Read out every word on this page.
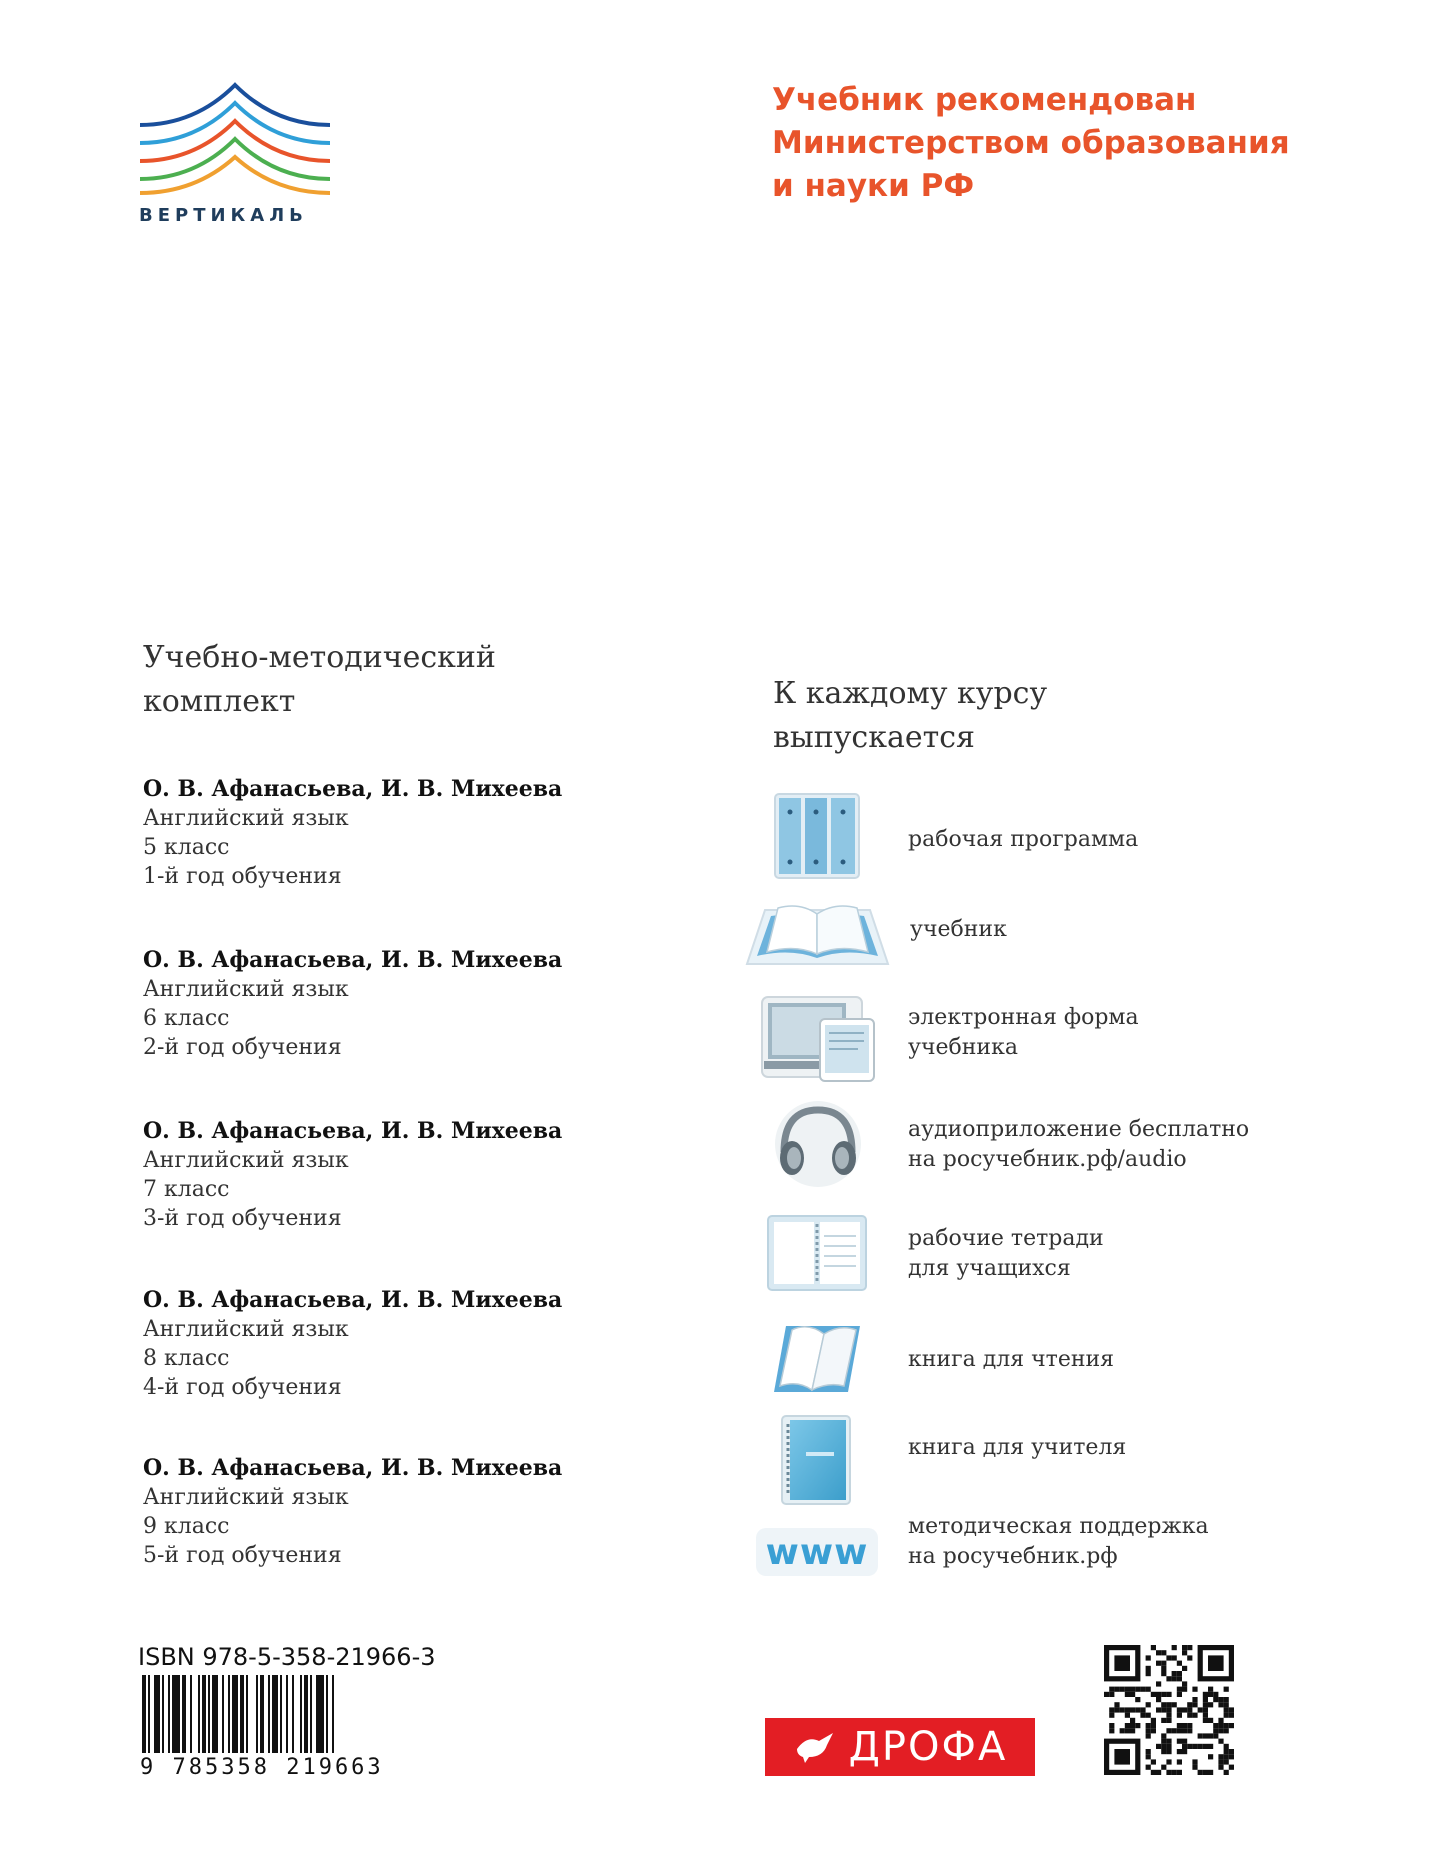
ВЕРТИКАЛЬ
Учебник рекомендован
Министерством образования
и науки РФ
Учебно-методический
комплект
О. В. Афанасьева, И. В. Михеева
Английский язык
5 класс
1-й год обучения
О. В. Афанасьева, И. В. Михеева
Английский язык
6 класс
2-й год обучения
О. В. Афанасьева, И. В. Михеева
Английский язык
7 класс
3-й год обучения
О. В. Афанасьева, И. В. Михеева
Английский язык
8 класс
4-й год обучения
О. В. Афанасьева, И. В. Михеева
Английский язык
9 класс
5-й год обучения
К каждому курсу
выпускается
рабочая программа
учебник
электронная форма
учебника
аудиоприложение бесплатно
на росучебник.рф/audio
рабочие тетради
для учащихся
книга для чтения
книга для учителя
www
методическая поддержка
на росучебник.рф
ISBN 978-5-358-21966-3
9 785358 219663	ДРОФА
